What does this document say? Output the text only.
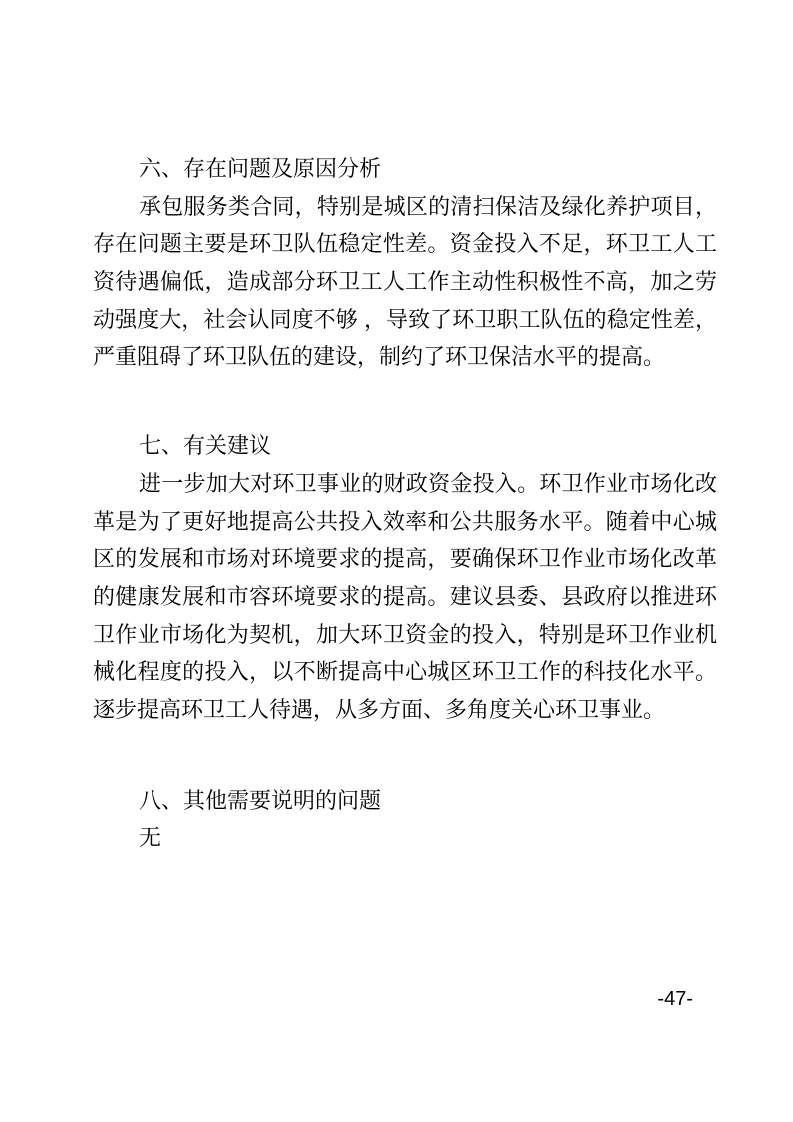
六、存在问题及原因分析
承包服务类合同，特别是城区的清扫保洁及绿化养护项目，
存在问题主要是环卫队伍稳定性差。资金投入不足，环卫工人工
资待遇偏低，造成部分环卫工人工作主动性积极性不高，加之劳
动强度大，社会认同度不够 ，导致了环卫职工队伍的稳定性差，
严重阻碍了环卫队伍的建设，制约了环卫保洁水平的提高。
七、有关建议
进一步加大对环卫事业的财政资金投入。环卫作业市场化改
革是为了更好地提高公共投入效率和公共服务水平。随着中心城
区的发展和市场对环境要求的提高，要确保环卫作业市场化改革
的健康发展和市容环境要求的提高。建议县委、县政府以推进环
卫作业市场化为契机，加大环卫资金的投入，特别是环卫作业机
械化程度的投入，以不断提高中心城区环卫工作的科技化水平。
逐步提高环卫工人待遇，从多方面、多角度关心环卫事业。
八、其他需要说明的问题
无
-47-
